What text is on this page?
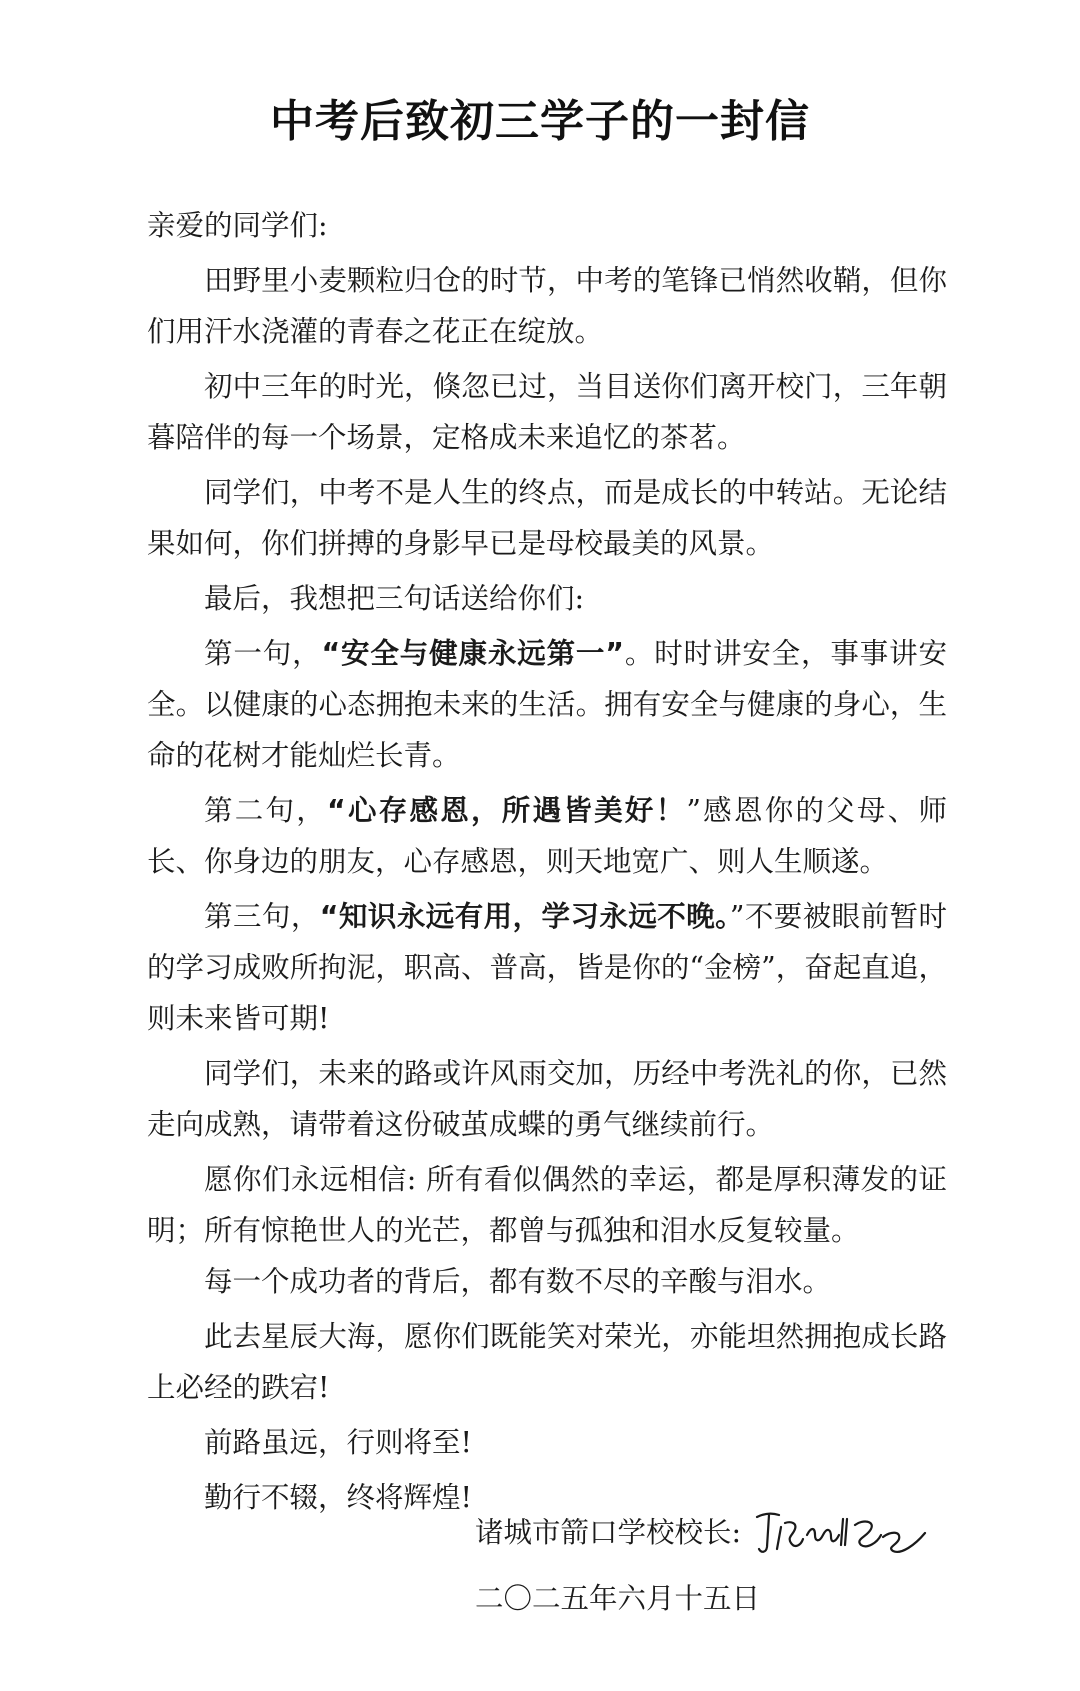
中考后致初三学子的一封信

亲爱的同学们:

田野里小麦颗粒归仓的时节，中考的笔锋已悄然收鞘，但你们用汗水浇灌的青春之花正在绽放。

初中三年的时光，倏忽已过，当目送你们离开校门，三年朝暮陪伴的每一个场景，定格成未来追忆的茶茗。

同学们，中考不是人生的终点，而是成长的中转站。无论结果如何，你们拼搏的身影早已是母校最美的风景。

最后，我想把三句话送给你们:

第一句，“安全与健康永远第一”。时时讲安全，事事讲安全。以健康的心态拥抱未来的生活。拥有安全与健康的身心，生命的花树才能灿烂长青。

第二句，“心存感恩，所遇皆美好！”感恩你的父母、师长、你身边的朋友，心存感恩，则天地宽广、则人生顺遂。

第三句，“知识永远有用，学习永远不晚。”不要被眼前暂时的学习成败所拘泥，职高、普高，皆是你的“金榜”，奋起直追，则未来皆可期!

同学们，未来的路或许风雨交加，历经中考洗礼的你，已然走向成熟，请带着这份破茧成蝶的勇气继续前行。

愿你们永远相信: 所有看似偶然的幸运，都是厚积薄发的证明；所有惊艳世人的光芒，都曾与孤独和泪水反复较量。

每一个成功者的背后，都有数不尽的辛酸与泪水。

此去星辰大海，愿你们既能笑对荣光，亦能坦然拥抱成长路上必经的跌宕!

前路虽远，行则将至!

勤行不辍，终将辉煌!

诸城市箭口学校校长:
二〇二五年六月十五日
